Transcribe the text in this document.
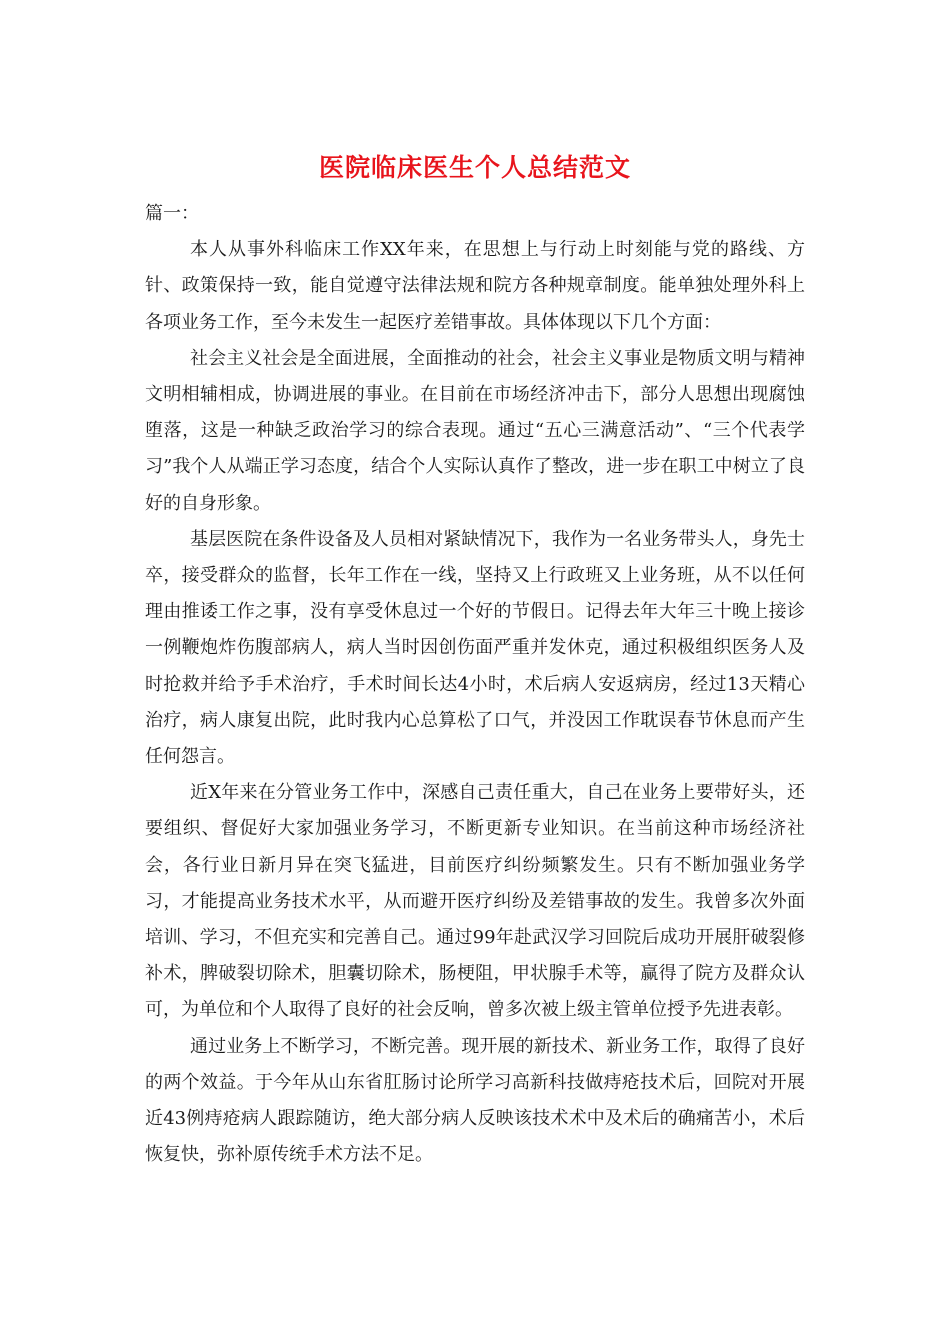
医院临床医生个人总结范文

篇一：

本人从事外科临床工作XX年来，在思想上与行动上时刻能与党的路线、方针、政策保持一致，能自觉遵守法律法规和院方各种规章制度。能单独处理外科上各项业务工作，至今未发生一起医疗差错事故。具体体现以下几个方面：

社会主义社会是全面进展，全面推动的社会，社会主义事业是物质文明与精神文明相辅相成，协调进展的事业。在目前在市场经济冲击下，部分人思想出现腐蚀堕落，这是一种缺乏政治学习的综合表现。通过“五心三满意活动”、“三个代表学习”我个人从端正学习态度，结合个人实际认真作了整改，进一步在职工中树立了良好的自身形象。

基层医院在条件设备及人员相对紧缺情况下，我作为一名业务带头人，身先士卒，接受群众的监督，长年工作在一线，坚持又上行政班又上业务班，从不以任何理由推诿工作之事，没有享受休息过一个好的节假日。记得去年大年三十晚上接诊一例鞭炮炸伤腹部病人，病人当时因创伤面严重并发休克，通过积极组织医务人及时抢救并给予手术治疗，手术时间长达4小时，术后病人安返病房，经过13天精心治疗，病人康复出院，此时我内心总算松了口气，并没因工作耽误春节休息而产生任何怨言。

近X年来在分管业务工作中，深感自己责任重大，自己在业务上要带好头，还要组织、督促好大家加强业务学习，不断更新专业知识。在当前这种市场经济社会，各行业日新月异在突飞猛进，目前医疗纠纷频繁发生。只有不断加强业务学习，才能提高业务技术水平，从而避开医疗纠纷及差错事故的发生。我曾多次外面培训、学习，不但充实和完善自己。通过99年赴武汉学习回院后成功开展肝破裂修补术，脾破裂切除术，胆囊切除术，肠梗阻，甲状腺手术等，赢得了院方及群众认可，为单位和个人取得了良好的社会反响，曾多次被上级主管单位授予先进表彰。

通过业务上不断学习，不断完善。现开展的新技术、新业务工作，取得了良好的两个效益。于今年从山东省肛肠讨论所学习高新科技做痔疮技术后，回院对开展近43例痔疮病人跟踪随访，绝大部分病人反映该技术术中及术后的确痛苦小，术后恢复快，弥补原传统手术方法不足。
